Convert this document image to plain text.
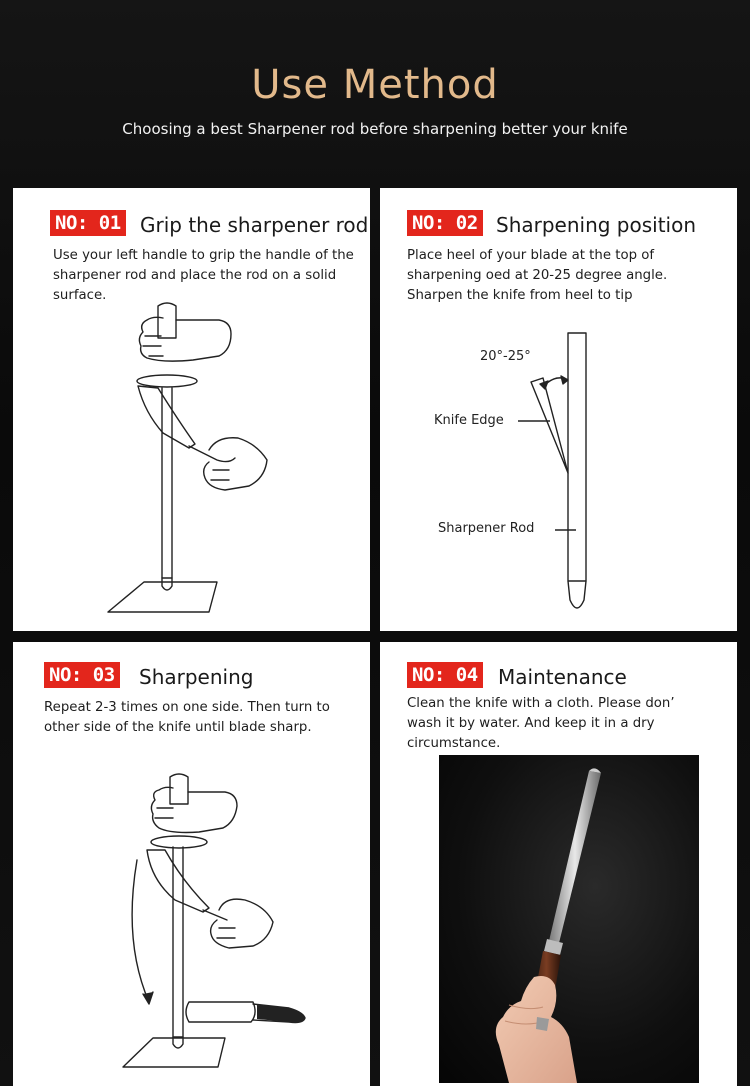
Use Method
Choosing a best Sharpener rod before sharpening better your knife
NO: 01 Grip the sharpener rod
Use your left handle to grip the handle of the sharpener rod and place the rod on a solid surface.
NO: 02 Sharpening position
Place heel of your blade at the top of sharpening oed at 20-25 degree angle. Sharpen the knife from heel to tip
20°-25°
Knife Edge
Sharpener Rod
NO: 03 Sharpening
Repeat 2-3 times on one side. Then turn to other side of the knife until blade sharp.
NO: 04 Maintenance
Clean the knife with a cloth. Please don’ wash it by water. And keep it in a dry circumstance.
